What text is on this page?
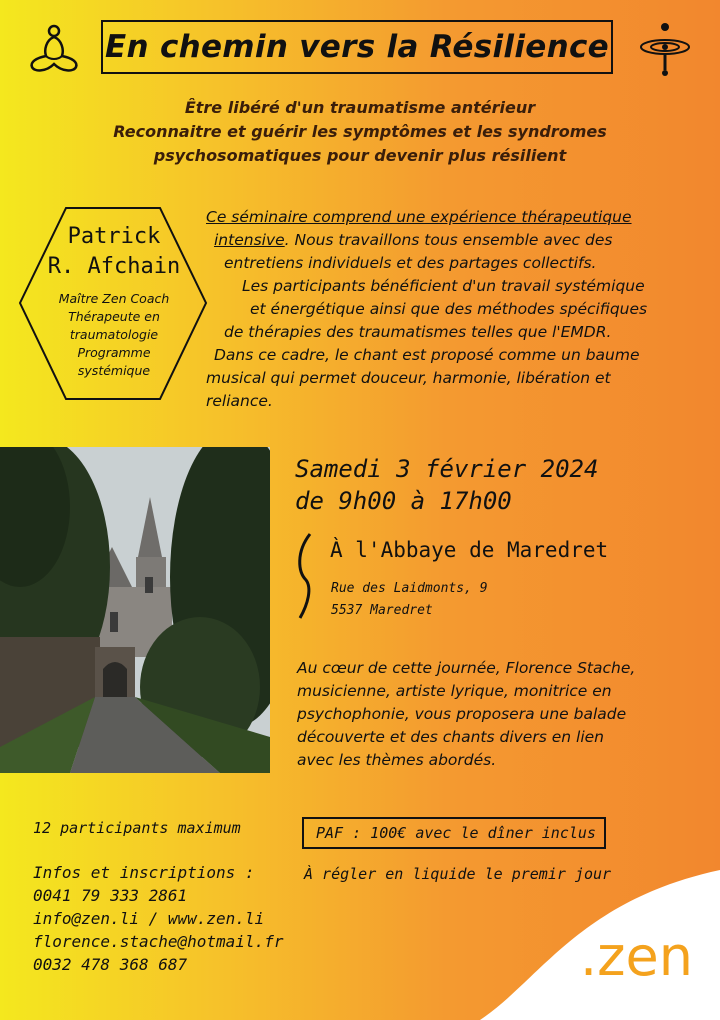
En chemin vers la Résilience
Être libéré d'un traumatisme antérieur
Reconnaitre et guérir les symptômes et les syndromes
psychosomatiques pour devenir plus résilient
Patrick
R. Afchain
Maître Zen Coach
Thérapeute en
traumatologie
Programme
systémique
Ce séminaire comprend une expérience thérapeutique
intensive. Nous travaillons tous ensemble avec des
entretiens individuels et des partages collectifs.
Les participants bénéficient d'un travail systémique
et énergétique ainsi que des méthodes spécifiques
de thérapies des traumatismes telles que l'EMDR.
Dans ce cadre, le chant est proposé comme un baume
musical qui permet douceur, harmonie, libération et
reliance.
Samedi 3 février 2024
de 9h00 à 17h00
À l'Abbaye de Maredret
Rue des Laidmonts, 9
5537 Maredret
Au cœur de cette journée, Florence Stache,
musicienne, artiste lyrique, monitrice en
psychophonie, vous proposera une balade
découverte et des chants divers en lien
avec les thèmes abordés.
12 participants maximum
Infos et inscriptions :
0041 79 333 2861
info@zen.li / www.zen.li
florence.stache@hotmail.fr
0032 478 368 687
PAF : 100€ avec le dîner inclus
À régler en liquide le premir jour
.zen
